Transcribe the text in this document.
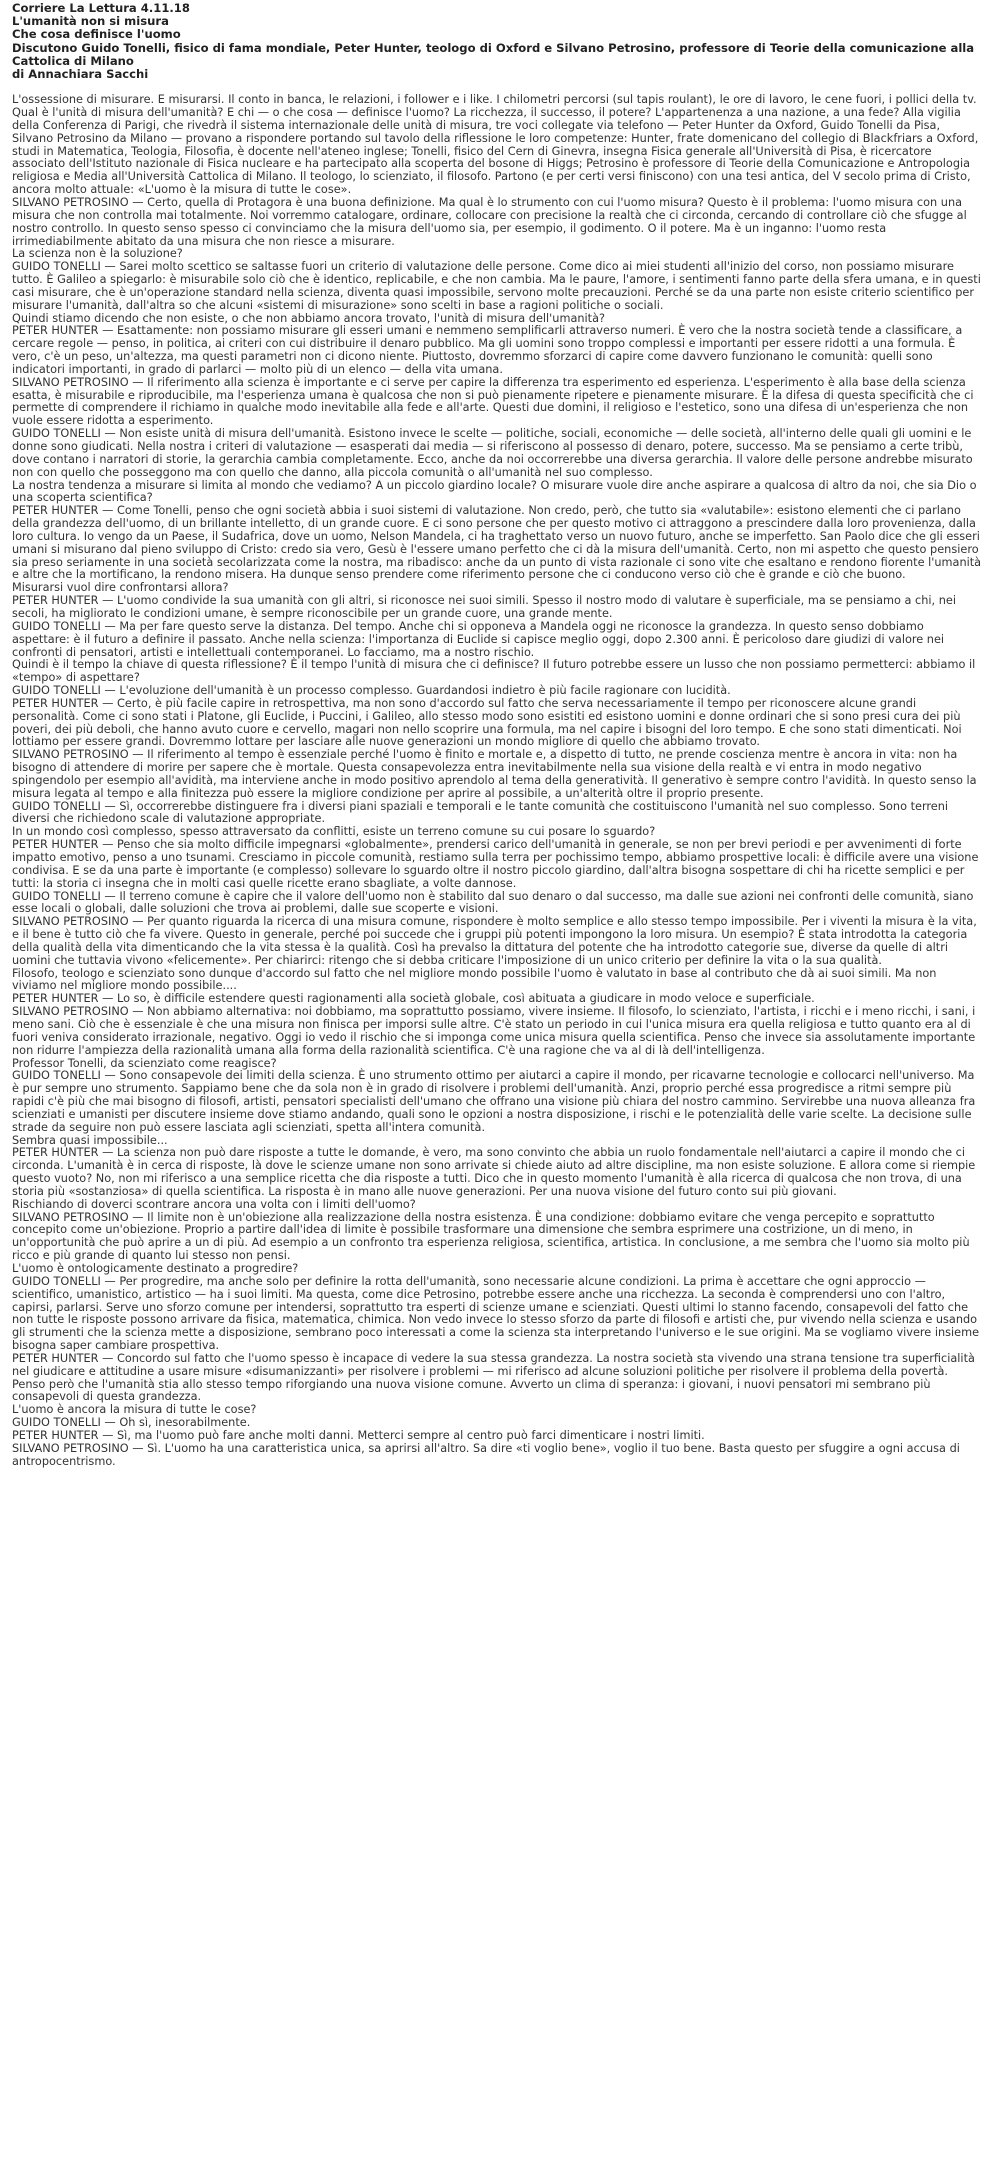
Corriere La Lettura 4.11.18

L'umanità non si misura

Che cosa definisce l'uomo

Discutono Guido Tonelli, fisico di fama mondiale, Peter Hunter, teologo di Oxford e Silvano Petrosino, professore di Teorie della comunicazione alla Cattolica di Milano

di Annachiara Sacchi

L'ossessione di misurare. E misurarsi. Il conto in banca, le relazioni, i follower e i like. I chilometri percorsi (sul tapis roulant), le ore di lavoro, le cene fuori, i pollici della tv. Qual è l'unità di misura dell'umanità? E chi — o che cosa — definisce l'uomo? La ricchezza, il successo, il potere? L'appartenenza a una nazione, a una fede? Alla vigilia della Conferenza di Parigi, che rivedrà il sistema internazionale delle unità di misura, tre voci collegate via telefono — Peter Hunter da Oxford, Guido Tonelli da Pisa, Silvano Petrosino da Milano — provano a rispondere portando sul tavolo della riflessione le loro competenze: Hunter, frate domenicano del collegio di Blackfriars a Oxford, studi in Matematica, Teologia, Filosofia, è docente nell'ateneo inglese; Tonelli, fisico del Cern di Ginevra, insegna Fisica generale all'Università di Pisa, è ricercatore associato dell'Istituto nazionale di Fisica nucleare e ha partecipato alla scoperta del bosone di Higgs; Petrosino è professore di Teorie della Comunicazione e Antropologia religiosa e Media all'Università Cattolica di Milano. Il teologo, lo scienziato, il filosofo. Partono (e per certi versi finiscono) con una tesi antica, del V secolo prima di Cristo, ancora molto attuale: «L'uomo è la misura di tutte le cose».

SILVANO PETROSINO — Certo, quella di Protagora è una buona definizione. Ma qual è lo strumento con cui l'uomo misura? Questo è il problema: l'uomo misura con una misura che non controlla mai totalmente. Noi vorremmo catalogare, ordinare, collocare con precisione la realtà che ci circonda, cercando di controllare ciò che sfugge al nostro controllo. In questo senso spesso ci convinciamo che la misura dell'uomo sia, per esempio, il godimento. O il potere. Ma è un inganno: l'uomo resta irrimediabilmente abitato da una misura che non riesce a misurare.

La scienza non è la soluzione?

GUIDO TONELLI — Sarei molto scettico se saltasse fuori un criterio di valutazione delle persone. Come dico ai miei studenti all'inizio del corso, non possiamo misurare tutto. È Galileo a spiegarlo: è misurabile solo ciò che è identico, replicabile, e che non cambia. Ma le paure, l'amore, i sentimenti fanno parte della sfera umana, e in questi casi misurare, che è un'operazione standard nella scienza, diventa quasi impossibile, servono molte precauzioni. Perché se da una parte non esiste criterio scientifico per misurare l'umanità, dall'altra so che alcuni «sistemi di misurazione» sono scelti in base a ragioni politiche o sociali.

Quindi stiamo dicendo che non esiste, o che non abbiamo ancora trovato, l'unità di misura dell'umanità?

PETER HUNTER — Esattamente: non possiamo misurare gli esseri umani e nemmeno semplificarli attraverso numeri. È vero che la nostra società tende a classificare, a cercare regole — penso, in politica, ai criteri con cui distribuire il denaro pubblico. Ma gli uomini sono troppo complessi e importanti per essere ridotti a una formula. È vero, c'è un peso, un'altezza, ma questi parametri non ci dicono niente. Piuttosto, dovremmo sforzarci di capire come davvero funzionano le comunità: quelli sono indicatori importanti, in grado di parlarci — molto più di un elenco — della vita umana.

SILVANO PETROSINO — Il riferimento alla scienza è importante e ci serve per capire la differenza tra esperimento ed esperienza. L'esperimento è alla base della scienza esatta, è misurabile e riproducibile, ma l'esperienza umana è qualcosa che non si può pienamente ripetere e pienamente misurare. È la difesa di questa specificità che ci permette di comprendere il richiamo in qualche modo inevitabile alla fede e all'arte. Questi due domini, il religioso e l'estetico, sono una difesa di un'esperienza che non vuole essere ridotta a esperimento.

GUIDO TONELLI — Non esiste unità di misura dell'umanità. Esistono invece le scelte — politiche, sociali, economiche — delle società, all'interno delle quali gli uomini e le donne sono giudicati. Nella nostra i criteri di valutazione — esasperati dai media — si riferiscono al possesso di denaro, potere, successo. Ma se pensiamo a certe tribù, dove contano i narratori di storie, la gerarchia cambia completamente. Ecco, anche da noi occorrerebbe una diversa gerarchia. Il valore delle persone andrebbe misurato non con quello che posseggono ma con quello che danno, alla piccola comunità o all'umanità nel suo complesso.

La nostra tendenza a misurare si limita al mondo che vediamo? A un piccolo giardino locale? O misurare vuole dire anche aspirare a qualcosa di altro da noi, che sia Dio o una scoperta scientifica?

PETER HUNTER — Come Tonelli, penso che ogni società abbia i suoi sistemi di valutazione. Non credo, però, che tutto sia «valutabile»: esistono elementi che ci parlano della grandezza dell'uomo, di un brillante intelletto, di un grande cuore. E ci sono persone che per questo motivo ci attraggono a prescindere dalla loro provenienza, dalla loro cultura. Io vengo da un Paese, il Sudafrica, dove un uomo, Nelson Mandela, ci ha traghettato verso un nuovo futuro, anche se imperfetto. San Paolo dice che gli esseri umani si misurano dal pieno sviluppo di Cristo: credo sia vero, Gesù è l'essere umano perfetto che ci dà la misura dell'umanità. Certo, non mi aspetto che questo pensiero sia preso seriamente in una società secolarizzata come la nostra, ma ribadisco: anche da un punto di vista razionale ci sono vite che esaltano e rendono fiorente l'umanità e altre che la mortificano, la rendono misera. Ha dunque senso prendere come riferimento persone che ci conducono verso ciò che è grande e ciò che buono.

Misurarsi vuol dire confrontarsi allora?

PETER HUNTER — L'uomo condivide la sua umanità con gli altri, si riconosce nei suoi simili. Spesso il nostro modo di valutare è superficiale, ma se pensiamo a chi, nei secoli, ha migliorato le condizioni umane, è sempre riconoscibile per un grande cuore, una grande mente.

GUIDO TONELLI — Ma per fare questo serve la distanza. Del tempo. Anche chi si opponeva a Mandela oggi ne riconosce la grandezza. In questo senso dobbiamo aspettare: è il futuro a definire il passato. Anche nella scienza: l'importanza di Euclide si capisce meglio oggi, dopo 2.300 anni. È pericoloso dare giudizi di valore nei confronti di pensatori, artisti e intellettuali contemporanei. Lo facciamo, ma a nostro rischio.

Quindi è il tempo la chiave di questa riflessione? È il tempo l'unità di misura che ci definisce? Il futuro potrebbe essere un lusso che non possiamo permetterci: abbiamo il «tempo» di aspettare?

GUIDO TONELLI — L'evoluzione dell'umanità è un processo complesso. Guardandosi indietro è più facile ragionare con lucidità.

PETER HUNTER — Certo, è più facile capire in retrospettiva, ma non sono d'accordo sul fatto che serva necessariamente il tempo per riconoscere alcune grandi personalità. Come ci sono stati i Platone, gli Euclide, i Puccini, i Galileo, allo stesso modo sono esistiti ed esistono uomini e donne ordinari che si sono presi cura dei più poveri, dei più deboli, che hanno avuto cuore e cervello, magari non nello scoprire una formula, ma nel capire i bisogni del loro tempo. E che sono stati dimenticati. Noi lottiamo per essere grandi. Dovremmo lottare per lasciare alle nuove generazioni un mondo migliore di quello che abbiamo trovato.

SILVANO PETROSINO — Il riferimento al tempo è essenziale perché l'uomo è finito e mortale e, a dispetto di tutto, ne prende coscienza mentre è ancora in vita: non ha bisogno di attendere di morire per sapere che è mortale. Questa consapevolezza entra inevitabilmente nella sua visione della realtà e vi entra in modo negativo spingendolo per esempio all'avidità, ma interviene anche in modo positivo aprendolo al tema della generatività. Il generativo è sempre contro l'avidità. In questo senso la misura legata al tempo e alla finitezza può essere la migliore condizione per aprire al possibile, a un'alterità oltre il proprio presente.

GUIDO TONELLI — Sì, occorrerebbe distinguere fra i diversi piani spaziali e temporali e le tante comunità che costituiscono l'umanità nel suo complesso. Sono terreni diversi che richiedono scale di valutazione appropriate.

In un mondo così complesso, spesso attraversato da conflitti, esiste un terreno comune su cui posare lo sguardo?

PETER HUNTER — Penso che sia molto difficile impegnarsi «globalmente», prendersi carico dell'umanità in generale, se non per brevi periodi e per avvenimenti di forte impatto emotivo, penso a uno tsunami. Cresciamo in piccole comunità, restiamo sulla terra per pochissimo tempo, abbiamo prospettive locali: è difficile avere una visione condivisa. E se da una parte è importante (e complesso) sollevare lo sguardo oltre il nostro piccolo giardino, dall'altra bisogna sospettare di chi ha ricette semplici e per tutti: la storia ci insegna che in molti casi quelle ricette erano sbagliate, a volte dannose.

GUIDO TONELLI — Il terreno comune è capire che il valore dell'uomo non è stabilito dal suo denaro o dal successo, ma dalle sue azioni nei confronti delle comunità, siano esse locali o globali, dalle soluzioni che trova ai problemi, dalle sue scoperte e visioni.

SILVANO PETROSINO — Per quanto riguarda la ricerca di una misura comune, rispondere è molto semplice e allo stesso tempo impossibile. Per i viventi la misura è la vita, e il bene è tutto ciò che fa vivere. Questo in generale, perché poi succede che i gruppi più potenti impongono la loro misura. Un esempio? È stata introdotta la categoria della qualità della vita dimenticando che la vita stessa è la qualità. Così ha prevalso la dittatura del potente che ha introdotto categorie sue, diverse da quelle di altri uomini che tuttavia vivono «felicemente». Per chiarirci: ritengo che si debba criticare l'imposizione di un unico criterio per definire la vita o la sua qualità.

Filosofo, teologo e scienziato sono dunque d'accordo sul fatto che nel migliore mondo possibile l'uomo è valutato in base al contributo che dà ai suoi simili. Ma non viviamo nel migliore mondo possibile....

PETER HUNTER — Lo so, è difficile estendere questi ragionamenti alla società globale, così abituata a giudicare in modo veloce e superficiale.

SILVANO PETROSINO — Non abbiamo alternativa: noi dobbiamo, ma soprattutto possiamo, vivere insieme. Il filosofo, lo scienziato, l'artista, i ricchi e i meno ricchi, i sani, i meno sani. Ciò che è essenziale è che una misura non finisca per imporsi sulle altre. C'è stato un periodo in cui l'unica misura era quella religiosa e tutto quanto era al di fuori veniva considerato irrazionale, negativo. Oggi io vedo il rischio che si imponga come unica misura quella scientifica. Penso che invece sia assolutamente importante non ridurre l'ampiezza della razionalità umana alla forma della razionalità scientifica. C'è una ragione che va al di là dell'intelligenza.

Professor Tonelli, da scienziato come reagisce?

GUIDO TONELLI — Sono consapevole dei limiti della scienza. È uno strumento ottimo per aiutarci a capire il mondo, per ricavarne tecnologie e collocarci nell'universo. Ma è pur sempre uno strumento. Sappiamo bene che da sola non è in grado di risolvere i problemi dell'umanità. Anzi, proprio perché essa progredisce a ritmi sempre più rapidi c'è più che mai bisogno di filosofi, artisti, pensatori specialisti dell'umano che offrano una visione più chiara del nostro cammino. Servirebbe una nuova alleanza fra scienziati e umanisti per discutere insieme dove stiamo andando, quali sono le opzioni a nostra disposizione, i rischi e le potenzialità delle varie scelte. La decisione sulle strade da seguire non può essere lasciata agli scienziati, spetta all'intera comunità.

Sembra quasi impossibile...

PETER HUNTER — La scienza non può dare risposte a tutte le domande, è vero, ma sono convinto che abbia un ruolo fondamentale nell'aiutarci a capire il mondo che ci circonda. L'umanità è in cerca di risposte, là dove le scienze umane non sono arrivate si chiede aiuto ad altre discipline, ma non esiste soluzione. E allora come si riempie questo vuoto? No, non mi riferisco a una semplice ricetta che dia risposte a tutti. Dico che in questo momento l'umanità è alla ricerca di qualcosa che non trova, di una storia più «sostanziosa» di quella scientifica. La risposta è in mano alle nuove generazioni. Per una nuova visione del futuro conto sui più giovani.

Rischiando di doverci scontrare ancora una volta con i limiti dell'uomo?

SILVANO PETROSINO — Il limite non è un'obiezione alla realizzazione della nostra esistenza. È una condizione: dobbiamo evitare che venga percepito e soprattutto concepito come un'obiezione. Proprio a partire dall'idea di limite è possibile trasformare una dimensione che sembra esprimere una costrizione, un di meno, in un'opportunità che può aprire a un di più. Ad esempio a un confronto tra esperienza religiosa, scientifica, artistica. In conclusione, a me sembra che l'uomo sia molto più ricco e più grande di quanto lui stesso non pensi.

L'uomo è ontologicamente destinato a progredire?

GUIDO TONELLI — Per progredire, ma anche solo per definire la rotta dell'umanità, sono necessarie alcune condizioni. La prima è accettare che ogni approccio — scientifico, umanistico, artistico — ha i suoi limiti. Ma questa, come dice Petrosino, potrebbe essere anche una ricchezza. La seconda è comprendersi uno con l'altro, capirsi, parlarsi. Serve uno sforzo comune per intendersi, soprattutto tra esperti di scienze umane e scienziati. Questi ultimi lo stanno facendo, consapevoli del fatto che non tutte le risposte possono arrivare da fisica, matematica, chimica. Non vedo invece lo stesso sforzo da parte di filosofi e artisti che, pur vivendo nella scienza e usando gli strumenti che la scienza mette a disposizione, sembrano poco interessati a come la scienza sta interpretando l'universo e le sue origini. Ma se vogliamo vivere insieme bisogna saper cambiare prospettiva.

PETER HUNTER — Concordo sul fatto che l'uomo spesso è incapace di vedere la sua stessa grandezza. La nostra società sta vivendo una strana tensione tra superficialità nel giudicare e attitudine a usare misure «disumanizzanti» per risolvere i problemi — mi riferisco ad alcune soluzioni politiche per risolvere il problema della povertà. Penso però che l'umanità stia allo stesso tempo riforgiando una nuova visione comune. Avverto un clima di speranza: i giovani, i nuovi pensatori mi sembrano più consapevoli di questa grandezza.

L'uomo è ancora la misura di tutte le cose?

GUIDO TONELLI — Oh sì, inesorabilmente.

PETER HUNTER — Sì, ma l'uomo può fare anche molti danni. Metterci sempre al centro può farci dimenticare i nostri limiti.

SILVANO PETROSINO — Sì. L'uomo ha una caratteristica unica, sa aprirsi all'altro. Sa dire «ti voglio bene», voglio il tuo bene. Basta questo per sfuggire a ogni accusa di antropocentrismo.
